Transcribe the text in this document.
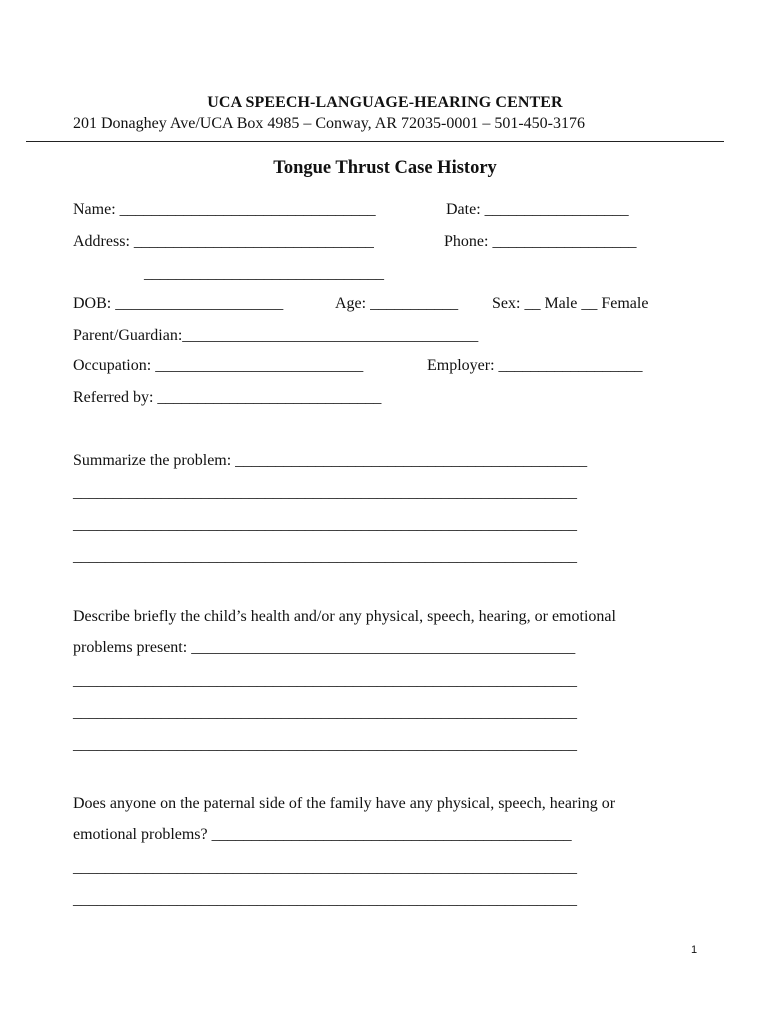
UCA SPEECH-LANGUAGE-HEARING CENTER
201 Donaghey Ave/UCA Box 4985 – Conway, AR 72035-0001 – 501-450-3176
Tongue Thrust Case History
Name: ________________________________	Date: __________________
Address: ______________________________	Phone: __________________
______________________________
DOB: _____________________	Age: ___________ Sex: __ Male __ Female
Parent/Guardian:_____________________________________
Occupation: __________________________	Employer: __________________
Referred by: ____________________________
Summarize the problem: ____________________________________________
_______________________________________________________________
_______________________________________________________________
_______________________________________________________________
Describe briefly the child’s health and/or any physical, speech, hearing, or emotional
problems present: ________________________________________________
_______________________________________________________________
_______________________________________________________________
_______________________________________________________________
Does anyone on the paternal side of the family have any physical, speech, hearing or
emotional problems? _____________________________________________
_______________________________________________________________
_______________________________________________________________
1
